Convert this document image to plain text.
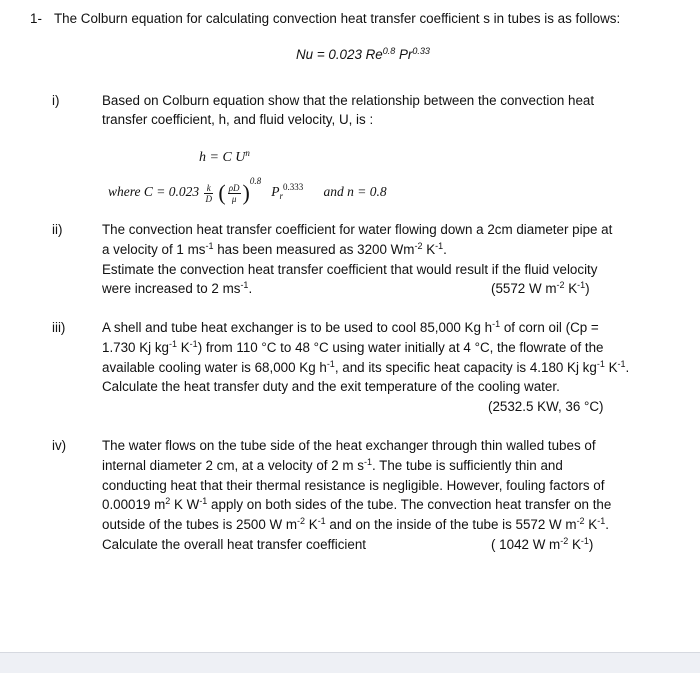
1- The Colburn equation for calculating convection heat transfer coefficient s in tubes is as follows:
Nu = 0.023 $Re^{0.8}$ $Pr^{0.33}$
i)	Based on Colburn equation show that the relationship between the convection heat
transfer coefficient, h, and fluid velocity, U, is :
h = C $U^n$
where $C = 0.023 \frac{k}{D}$ ( $\frac{\rho D}{\mu} )^{0.8}$   $P_r^{0.333}$ and n = 0.8
ii)	The convection heat transfer coefficient for water flowing down a 2cm diameter pipe at
a velocity of 1 $ms^{-1}$ has been measured as 3200 $Wm^{-2}$ $K^{-1}$.
Estimate the convection heat transfer coefficient that would result if the fluid velocity
were increased to 2 $ms^{-1}$.	(5572 W $m^{-2}$ $K^{-1}$)
iii)	A shell and tube heat exchanger is to be used to cool 85,000 Kg $h^{-1}$ of corn oil (Cp =
1.730 Kj $kg^{-1}$ $K^{-1}$) from 110 °C to 48 °C using water initially at 4 °C, the flowrate of the
available cooling water is 68,000 Kg $h^{-1}$, and its specific heat capacity is 4.180 Kj $kg^{-1}$ $K^{-1}$.
Calculate the heat transfer duty and the exit temperature of the cooling water.
(2532.5 KW, 36 °C)
iv)	The water flows on the tube side of the heat exchanger through thin walled tubes of
internal diameter 2 cm, at a velocity of 2 m $s^{-1}$. The tube is sufficiently thin and
conducting heat that their thermal resistance is negligible. However, fouling factors of
0.00019 $m^2$ K $W^{-1}$ apply on both sides of the tube. The convection heat transfer on the
outside of the tubes is 2500 W $m^{-2}$ $K^{-1}$ and on the inside of the tube is 5572 W $m^{-2}$ $K^{-1}$.
Calculate the overall heat transfer coefficient	( 1042 W $m^{-2}$ $K^{-1}$)
